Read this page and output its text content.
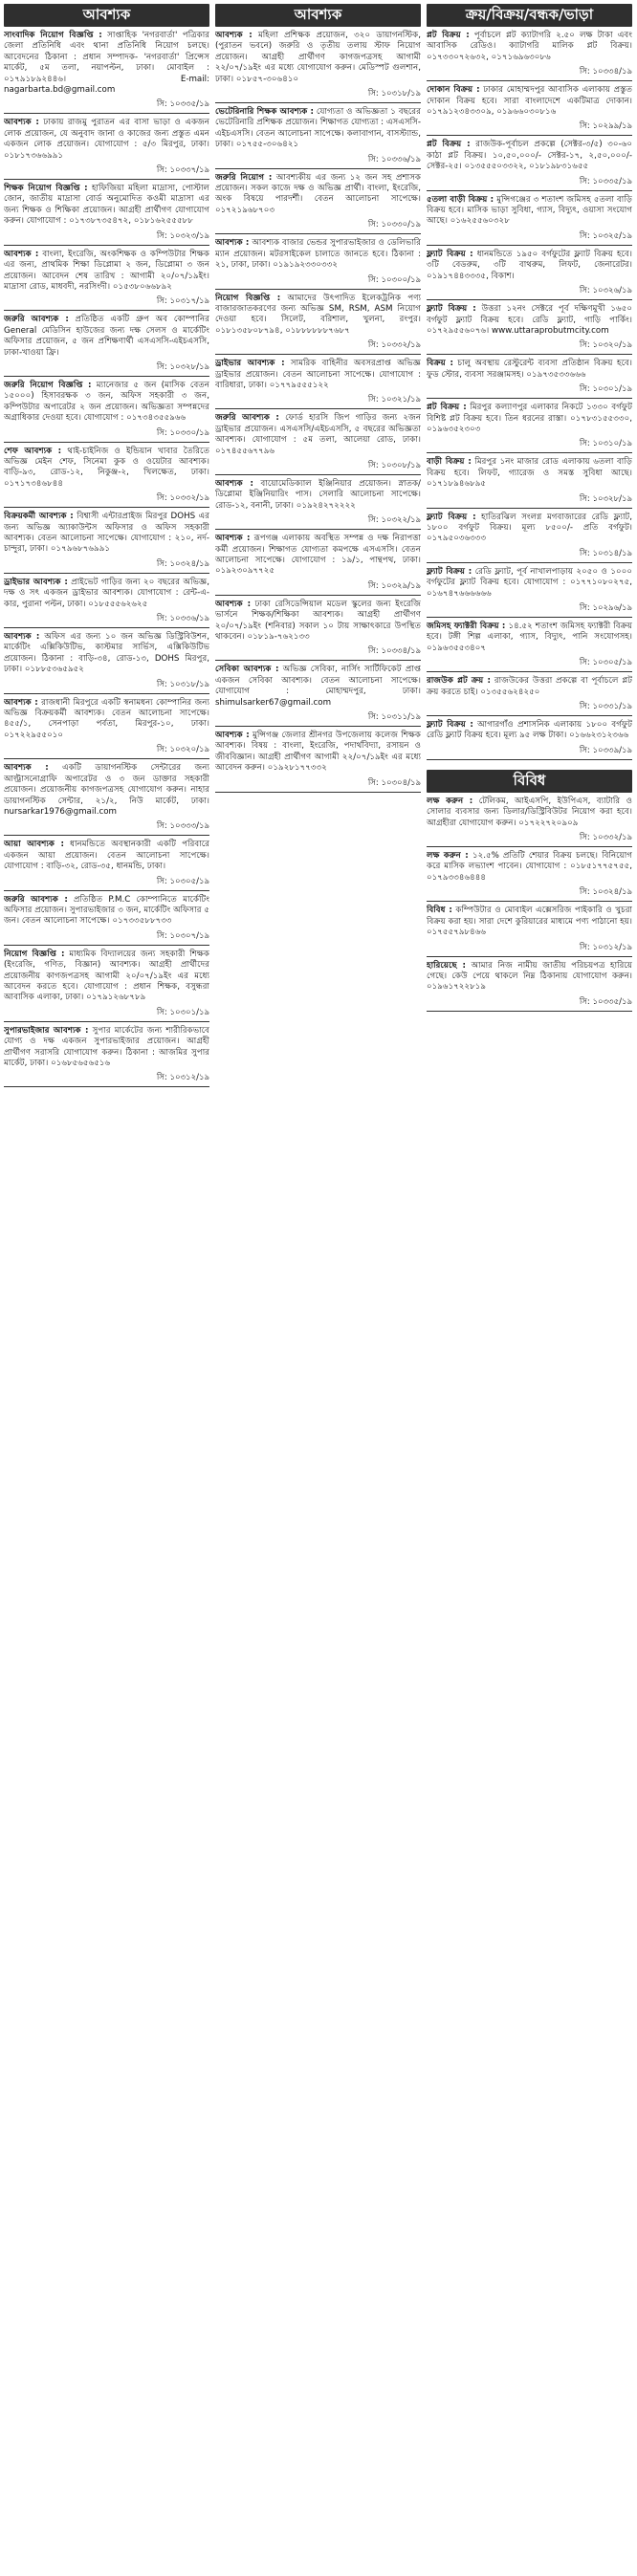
আবশ্যক
সাংবাদিক নিয়োগ বিজ্ঞপ্তি : সাপ্তাহিক 'নগরবার্তা' পত্রিকার জেলা প্রতিনিধি এবং থানা প্রতিনিধি নিয়োগ চলছে। আবেদনের ঠিকানা : প্রধান সম্পাদক- 'নগরবার্তা' প্রিন্সেস মার্কেট, ৫ম তলা, নয়াপল্টন, ঢাকা। মোবাইল : ০১৭৯১৮৯২৪৪৬। E-mail: nagarbarta.bd@gmail.com
সি: ১০৩৩৫/১৯
আবশ্যক : ঢাকায় রাজমু পুরাতন এর বাসা ভাড়া ও একজন লোক প্রয়োজন, যে অনুবাদ জানা ও কাজের জন্য প্রস্তুত এমন একজন লোক প্রয়োজন। যোগাযোগ : ৫/৩ মিরপুর, ঢাকা। ০১৮১৭৩৬৬৯৯১
সি: ১০৩৩৭/১৯
শিক্ষক নিয়োগ বিজ্ঞপ্তি : হাফিজিয়া মহিলা মাদ্রাসা, পোস্টাল জোন, জাতীয় মাদ্রাসা বোর্ড অনুমোদিত কওমী মাদ্রাসা এর জন্য শিক্ষক ও শিক্ষিকা প্রয়োজন। আগ্রহী প্রার্থীগণ যোগাযোগ করুন। যোগাযোগ : ০১৭৩৮৭৩৫৪৭২, ০১৮১৬২৫৫৫৮৮
সি: ১০৩২৩/১৯
আবশ্যক : বাংলা, ইংরেজি, অংকশিক্ষক ও কম্পিউটার শিক্ষক এর জন্য, প্রাথমিক শিক্ষা ডিপ্লোমা ২ জন, ডিপ্লোমা ৩ জন প্রয়োজন। আবেদন শেষ তারিখ : আগামী ২০/০৭/১৯ইং। মাদ্রাসা রোড, মাধবদী, নরসিংদী। ০১৫৩৮০৬৬৮৯২
সি: ১০৩১৭/১৯
জরুরি আবশ্যক : প্রতিষ্ঠিত একটি গ্রুপ অব কোম্পানির General মেডিসিন হাউজের জন্য দক্ষ সেলস ও মার্কেটিং অফিসার প্রয়োজন, ৫ জন প্রশিক্ষণার্থী এসএসসি-এইচএসসি, ঢাকা-খাওয়া ফ্রি।
সি: ১০৩২৮/১৯
জরুরি নিয়োগ বিজ্ঞপ্তি : ম্যানেজার ৫ জন (মাসিক বেতন ১৫০০০) হিসাবরক্ষক ৩ জন, অফিস সহকারী ৩ জন, কম্পিউটার অপারেটর ২ জন প্রয়োজন। অভিজ্ঞতা সম্পন্নদের অগ্রাধিকার দেওয়া হবে। যোগাযোগ : ০১৭৩৪৩৫৫৯৬৬
সি: ১০৩৩০/১৯
শেফ আবশ্যক : থাই-চাইনিজ ও ইন্ডিয়ান খাবার তৈরিতে অভিজ্ঞ মেইন শেফ, সিনেমা কুক ও ওয়েটার আবশ্যক। বাড়ি-৯৩, রোড-১২, নিকুঞ্জ-২, খিলক্ষেত, ঢাকা। ০১৭১৭৩৪৬৮৪৪
সি: ১০৩৩২/১৯
বিক্রয়কর্মী আবশ্যক : বিশ্বাসী এন্টারপ্রাইজ মিরপুর DOHS এর জন্য অভিজ্ঞ অ্যাকাউন্টস অফিসার ও অফিস সহকারী আবশ্যক। বেতন আলোচনা সাপেক্ষে। যোগাযোগ : ২১০, নর্দ-চান্দুরা, ঢাকা। ০১৭৯৬৮৭৬৯৯১
সি: ১০৩২৪/১৯
ড্রাইভার আবশ্যক : প্রাইভেট গাড়ির জন্য ২০ বছরের অভিজ্ঞ, দক্ষ ও সৎ একজন ড্রাইভার আবশ্যক। যোগাযোগ : রেন্ট-এ-কার, পুরানা পল্টন, ঢাকা। ০১৮৫৫৫৬২৬২৫
সি: ১০৩৩৬/১৯
আবশ্যক : অফিস এর জন্য ১০ জন অভিজ্ঞ ডিস্ট্রিবিউশন, মার্কেটিং এক্সিকিউটিভ, কাস্টমার সার্ভিস, এক্সিকিউটিভ প্রয়োজন। ঠিকানা : বাড়ি-৩৪, রোড-১৩, DOHS মিরপুর, ঢাকা। ০১৮৮৫৩৬৫৯৫২
সি: ১০৩১৮/১৯
আবশ্যক : রাজধানী মিরপুরে একটি স্বনামধন্য কোম্পানির জন্য অভিজ্ঞ বিক্রয়কর্মী আবশ্যক। বেতন আলোচনা সাপেক্ষে। ৪৫৫/১, সেনপাড়া পর্বতা, মিরপুর-১০, ঢাকা। ০১৭২২৯৫৫০১০
সি: ১০৩২০/১৯
আবশ্যক : একটি ডায়াগনস্টিক সেন্টারের জন্য আল্ট্রাসনোগ্রাফি অপারেটর ও ৩ জন ডাক্তার সহকারী প্রয়োজন। প্রয়োজনীয় কাগজপত্রসহ যোগাযোগ করুন। নাহার ডায়াগনস্টিক সেন্টার, ২১/২, নিউ মার্কেট, ঢাকা। nursarkar1976@gmail.com
সি: ১০৩৩৩/১৯
আয়া আবশ্যক : ধানমন্ডিতে অবস্থানকারী একটি পরিবারে একজন আয়া প্রয়োজন। বেতন আলোচনা সাপেক্ষে। যোগাযোগ : বাড়ি-৩২, রোড-৩৫, ধানমন্ডি, ঢাকা।
সি: ১০৩০৫/১৯
জরুরি আবশ্যক : প্রতিষ্ঠিত P.M.C কোম্পানিতে মার্কেটিং অফিসার প্রয়োজন। সুপারভাইজার ৩ জন, মার্কেটিং অফিসার ৫ জন। বেতন আলোচনা সাপেক্ষে। ০১৭৩৩৫৮৮৭৩৩
সি: ১০৩০৭/১৯
নিয়োগ বিজ্ঞপ্তি : মাধ্যমিক বিদ্যালয়ের জন্য সহকারী শিক্ষক (ইংরেজি, গণিত, বিজ্ঞান) আবশ্যক। আগ্রহী প্রার্থীদের প্রয়োজনীয় কাগজপত্রসহ আগামী ২০/০৭/১৯ইং এর মধ্যে আবেদন করতে হবে। যোগাযোগ : প্রধান শিক্ষক, বসুন্ধরা আবাসিক এলাকা, ঢাকা। ০১৭৯১২৬৮৭৮৯
সি: ১০৩০১/১৯
সুপারভাইজার আবশ্যক : সুপার মার্কেটের জন্য শারীরিকভাবে যোগ্য ও দক্ষ একজন সুপারভাইজার প্রয়োজন। আগ্রহী প্রার্থীগণ সরাসরি যোগাযোগ করুন। ঠিকানা : আজমির সুপার মার্কেট, ঢাকা। ০১৬৮৫৬৫৬৫১৬
সি: ১০৩১২/১৯
আবশ্যক
আবশ্যক : মহিলা প্রশিক্ষক প্রয়োজন, ৩২০ ডায়াগনস্টিক, (পুরাতন ভবনে) জরুরি ও তৃতীয় তলায় স্টাফ নিয়োগ প্রয়োজন। আগ্রহী প্রার্থীগণ কাগজপত্রসহ আগামী ২২/০৭/১৯ইং এর মধ্যে যোগাযোগ করুন। মেডিস্পট গুলশান, ঢাকা। ০১৮৫৭-৩০৬৪১০
সি: ১০৩১৮/১৯
ভেটেরিনারি শিক্ষক আবশ্যক : যোগ্যতা ও অভিজ্ঞতা ১ বছরের ভেটেরিনারি প্রশিক্ষক প্রয়োজন। শিক্ষাগত যোগ্যতা : এসএসসি-এইচএসসি। বেতন আলোচনা সাপেক্ষে। কলাবাগান, বাসস্ট্যান্ড, ঢাকা। ০১৭৫৫-৩০৬৪২১
সি: ১০৩৩৬/১৯
জরুরি নিয়োগ : আবশ্যকীয় এর জন্য ১২ জন সহ প্রশাসক প্রয়োজন। সকল কাজে দক্ষ ও অভিজ্ঞ প্রার্থী। বাংলা, ইংরেজি, অংক বিষয়ে পারদর্শী। বেতন আলোচনা সাপেক্ষে। ০১৭২১৯৬৮৭০৩
সি: ১০৩৩০/১৯
আবশ্যক : আবশ্যক বাজার ভেন্ডর সুপারভাইজার ও ডেলিভারি ম্যান প্রয়োজন। মটরসাইকেল চালাতে জানতে হবে। ঠিকানা : ২১, ঢাকা, ঢাকা। ০১৯১৯২৩৩০৩৩২
সি: ১০৩০০/১৯
নিয়োগ বিজ্ঞপ্তি : আমাদের উৎপাদিত ইলেকট্রনিক পণ্য বাজারজাতকরণের জন্য অভিজ্ঞ SM, RSM, ASM নিয়োগ দেওয়া হবে। সিলেট, বরিশাল, খুলনা, রংপুর। ০১৮১৩৫৮০৮৭৯৪, ০১৮৮৮৮৮৮৭৬৮৭
সি: ১০৩৩২/১৯
ড্রাইভার আবশ্যক : সামরিক বাহিনীর অবসরপ্রাপ্ত অভিজ্ঞ ড্রাইভার প্রয়োজন। বেতন আলোচনা সাপেক্ষে। যোগাযোগ : বারিধারা, ঢাকা। ০১৭৭৯৫৫৫১২২
সি: ১০৩২১/১৯
জরুরি আবশ্যক : ফোর্ড হারসি জিপ গাড়ির জন্য ২জন ড্রাইভার প্রয়োজন। এসএসসি/এইচএসসি, ৫ বছরের অভিজ্ঞতা আবশ্যক। যোগাযোগ : ৫ম তলা, আলেয়া রোড, ঢাকা। ০১৭৪৫৫৬৭৭৯৬
সি: ১০৩০৮/১৯
আবশ্যক : বায়োমেডিক্যাল ইঞ্জিনিয়ার প্রয়োজন। স্নাতক/ডিপ্লোমা ইঞ্জিনিয়ারিং পাস। সেলারি আলোচনা সাপেক্ষে। রোড-১২, বনানী, ঢাকা। ০১৯২৪২৭২২২২
সি: ১০৩২২/১৯
আবশ্যক : রূপগঞ্জ এলাকায় অবস্থিত সম্পন্ন ও দক্ষ নিরাপত্তা কর্মী প্রয়োজন। শিক্ষাগত যোগ্যতা কমপক্ষে এসএসসি। বেতন আলোচনা সাপেক্ষে। যোগাযোগ : ১৯/১, পান্থপথ, ঢাকা। ০১৯২৩০৯৭৭২৫
সি: ১০৩২৯/১৯
আবশ্যক : ঢাকা রেসিডেন্সিয়াল মডেল স্কুলের জন্য ইংরেজি ভার্সনে শিক্ষক/শিক্ষিকা আবশ্যক। আগ্রহী প্রার্থীগণ ২০/০৭/১৯ইং (শনিবার) সকাল ১০ টায় সাক্ষাৎকারে উপস্থিত থাকবেন। ০১৮১৯-৭৬২১৩৩
সি: ১০৩৩৪/১৯
সেবিকা আবশ্যক : অভিজ্ঞ সেবিকা, নার্সিং সার্টিফিকেট প্রাপ্ত একজন সেবিকা আবশ্যক। বেতন আলোচনা সাপেক্ষে। যোগাযোগ : মোহাম্মদপুর, ঢাকা। shimulsarker67@gmail.com
সি: ১০৩১১/১৯
আবশ্যক : মুন্সিগঞ্জ জেলার শ্রীনগর উপজেলায় কলেজ শিক্ষক আবশ্যক। বিষয় : বাংলা, ইংরেজি, পদার্থবিদ্যা, রসায়ন ও জীববিজ্ঞান। আগ্রহী প্রার্থীগণ আগামী ২২/০৭/১৯ইং এর মধ্যে আবেদন করুন। ০১৯২৮১৭৭৩৩২
সি: ১০৩০৪/১৯
ক্রয়/বিক্রয়/বন্ধক/ভাড়া
প্লট বিক্রয় : পূর্বাচলে প্লট ক্যাটাগরি ২.৫০ লক্ষ টাকা এবং আবাসিক রেডিও। ক্যাটাগরি মালিক প্লট বিক্রয়। ০১৭৩৩০৭২৬৩২, ০১৭১৬৯৬৩০৮৬
সি: ১০৩৩৪/১৯
দোকান বিক্রয় : ঢাকার মোহাম্মদপুর আবাসিক এলাকায় প্রস্তুত দোকান বিক্রয় হবে। সারা বাংলাদেশে একটিমাত্র দোকান। ০১৭৯১২৩৪৩৩০৯, ০১৯৬৬০৩০৮১৬
সি: ১০২৯৯/১৯
প্লট বিক্রয় : রাজউক-পূর্বাচল প্রকল্পে (সেক্টর-৩/৫) ৩০-৬০ কাঠা প্লট বিক্রয়। ১০,৫০,০০০/- সেক্টর-১৭, ২,৫০,০০০/- সেক্টর-২৫। ০১৩৫৫৫০৩৩২২, ০১৮১৯৮৩১৬৫৫
সি: ১০৩৩৫/১৯
৫তলা বাড়ী বিক্রয় : মুন্সিগঞ্জের ৩ শতাংশ জমিসহ ৫তলা বাড়ি বিক্রয় হবে। মাসিক ভাড়া সুবিধা, গ্যাস, বিদ্যুৎ, ওয়াসা সংযোগ আছে। ০১৬২৫৫৬০৩২৮
সি: ১০৩২৫/১৯
ফ্ল্যাট বিক্রয় : ধানমন্ডিতে ১৯৫০ বর্গফুটের ফ্ল্যাট বিক্রয় হবে। ৩টি বেডরুম, ৩টি বাথরুম, লিফট, জেনারেটর। ০১৯১৭৪৪৩৩৩৫, বিকাশ।
সি: ১০৩২৬/১৯
ফ্ল্যাট বিক্রয় : উত্তরা ১২নং সেক্টরে পূর্ব দক্ষিণমুখী ১৬৫০ বর্গফুট ফ্ল্যাট বিক্রয় হবে। রেডি ফ্ল্যাট, গাড়ি পার্কিং। ০১৭২৯৫৫৬০৭৬। www.uttaraprobutmcity.com
সি: ১০৩২০/১৯
বিক্রয় : চালু অবস্থায় রেস্টুরেন্ট ব্যবসা প্রতিষ্ঠান বিক্রয় হবে। ফুড স্টোর, ব্যবসা সরঞ্জামসহ। ০১৯৭৩৫৩৩৬৬৬
সি: ১০৩০১/১৯
প্লট বিক্রয় : মিরপুর কল্যাণপুর এলাকার নিকটে ১৩৩০ বর্গফুট বিশিষ্ট প্লট বিক্রয় হবে। তিন ধরনের রাস্তা। ০১৭৮৩১৫৫৩৩০, ০১৯৬৩৫২৩০৩
সি: ১০৩১০/১৯
বাড়ী বিক্রয় : মিরপুর ১নং মাজার রোড এলাকায় ৬তলা বাড়ি বিক্রয় হবে। লিফট, গ্যারেজ ও সমস্ত সুবিধা আছে। ০১৭১৮৯৪৬৮৯৫
সি: ১০৩২৮/১৯
ফ্ল্যাট বিক্রয় : হাতিরঝিল সংলগ্ন মগবাজারের রেডি ফ্ল্যাট, ১৮০০ বর্গফুট বিক্রয়। মূল্য ৮৫০০/- প্রতি বর্গফুট। ০১৭৯৫০৩৬৩৩৩
সি: ১০৩১৪/১৯
ফ্ল্যাট বিক্রয় : রেডি ফ্ল্যাট, পূর্ব নাখালপাড়ায় ২০৫০ ও ১০০০ বর্গফুটের ফ্ল্যাট বিক্রয় হবে। যোগাযোগ : ০১৭৭১০৮০২৭৫, ০১৬৭৪৭৬৬৬৬৬৬
সি: ১০২৯৬/১৯
জমিসহ ফ্যাক্টরী বিক্রয় : ১৪.৫২ শতাংশ জমিসহ ফ্যাক্টরী বিক্রয় হবে। টঙ্গী শিল্প এলাকা, গ্যাস, বিদ্যুৎ, পানি সংযোগসহ। ০১৯৬৩৫৫৩৪০৭
সি: ১০৩০৫/১৯
রাজউক প্লট ক্রয় : রাজউকের উত্তরা প্রকল্পে বা পূর্বাচলে প্লট ক্রয় করতে চাই। ০১৩৫৫৬২৪২৫০
সি: ১০৩৩১/১৯
ফ্ল্যাট বিক্রয় : আগারগাঁও প্রশাসনিক এলাকায় ১৮০০ বর্গফুট রেডি ফ্ল্যাট বিক্রয় হবে। মূল্য ৯৫ লক্ষ টাকা। ০১৬৬২৩১২৩৬৬
সি: ১০৩৩৯/১৯
বিবিধ
লক্ষ করুন : টেলিকম, আইএসপি, ইউপিএস, ব্যাটারি ও সোলার ব্যবসার জন্য ডিলার/ডিস্ট্রিবিউটর নিয়োগ করা হবে। আগ্রহীরা যোগাযোগ করুন। ০১৭২২৭২০৯০৯
সি: ১০৩৩২/১৯
লক্ষ করুন : ১২.৫% প্রতিটি শেয়ার বিক্রয় চলছে। বিনিয়োগ করে মাসিক লভ্যাংশ পাবেন। যোগাযোগ : ০১৮৫১৭৭৫৭৫৫, ০১৭৯৩৩৪৬৪৪৪
সি: ১০৩২৪/১৯
বিবিধ : কম্পিউটার ও মোবাইল এক্সেসরিজ পাইকারি ও খুচরা বিক্রয় করা হয়। সারা দেশে কুরিয়ারের মাধ্যমে পণ্য পাঠানো হয়। ০১৭৫৫৭৯৮৪৬৬
সি: ১০৩১২/১৯
হারিয়েছে : আমার নিজ নামীয় জাতীয় পরিচয়পত্র হারিয়ে গেছে। কেউ পেয়ে থাকলে নিম্ন ঠিকানায় যোগাযোগ করুন। ০১৯৬১৭২২৮১৯
সি: ১০৩৩৫/১৯
